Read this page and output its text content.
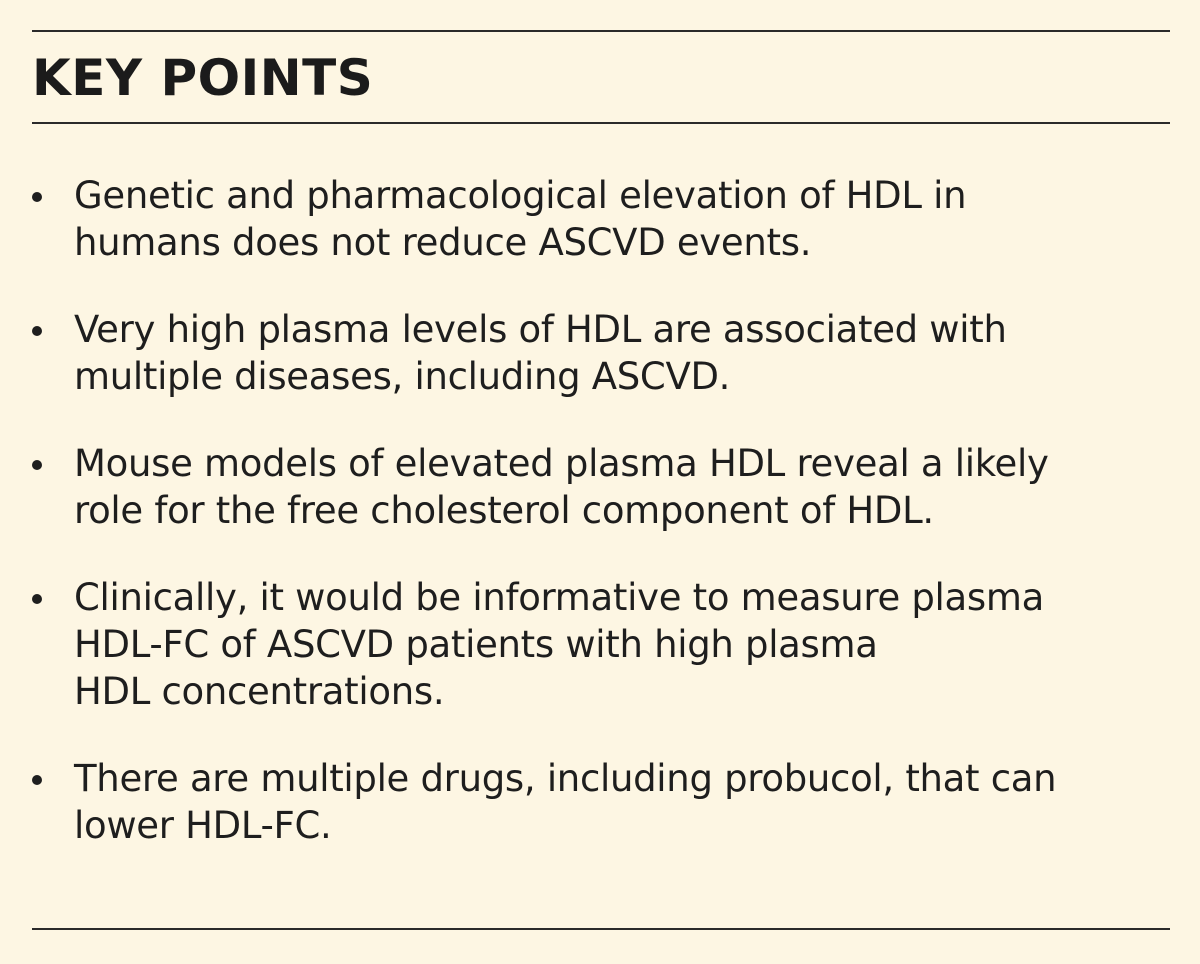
KEY POINTS
Genetic and pharmacological elevation of HDL in
humans does not reduce ASCVD events.
Very high plasma levels of HDL are associated with
multiple diseases, including ASCVD.
Mouse models of elevated plasma HDL reveal a likely
role for the free cholesterol component of HDL.
Clinically, it would be informative to measure plasma
HDL-FC of ASCVD patients with high plasma
HDL concentrations.
There are multiple drugs, including probucol, that can
lower HDL-FC.
